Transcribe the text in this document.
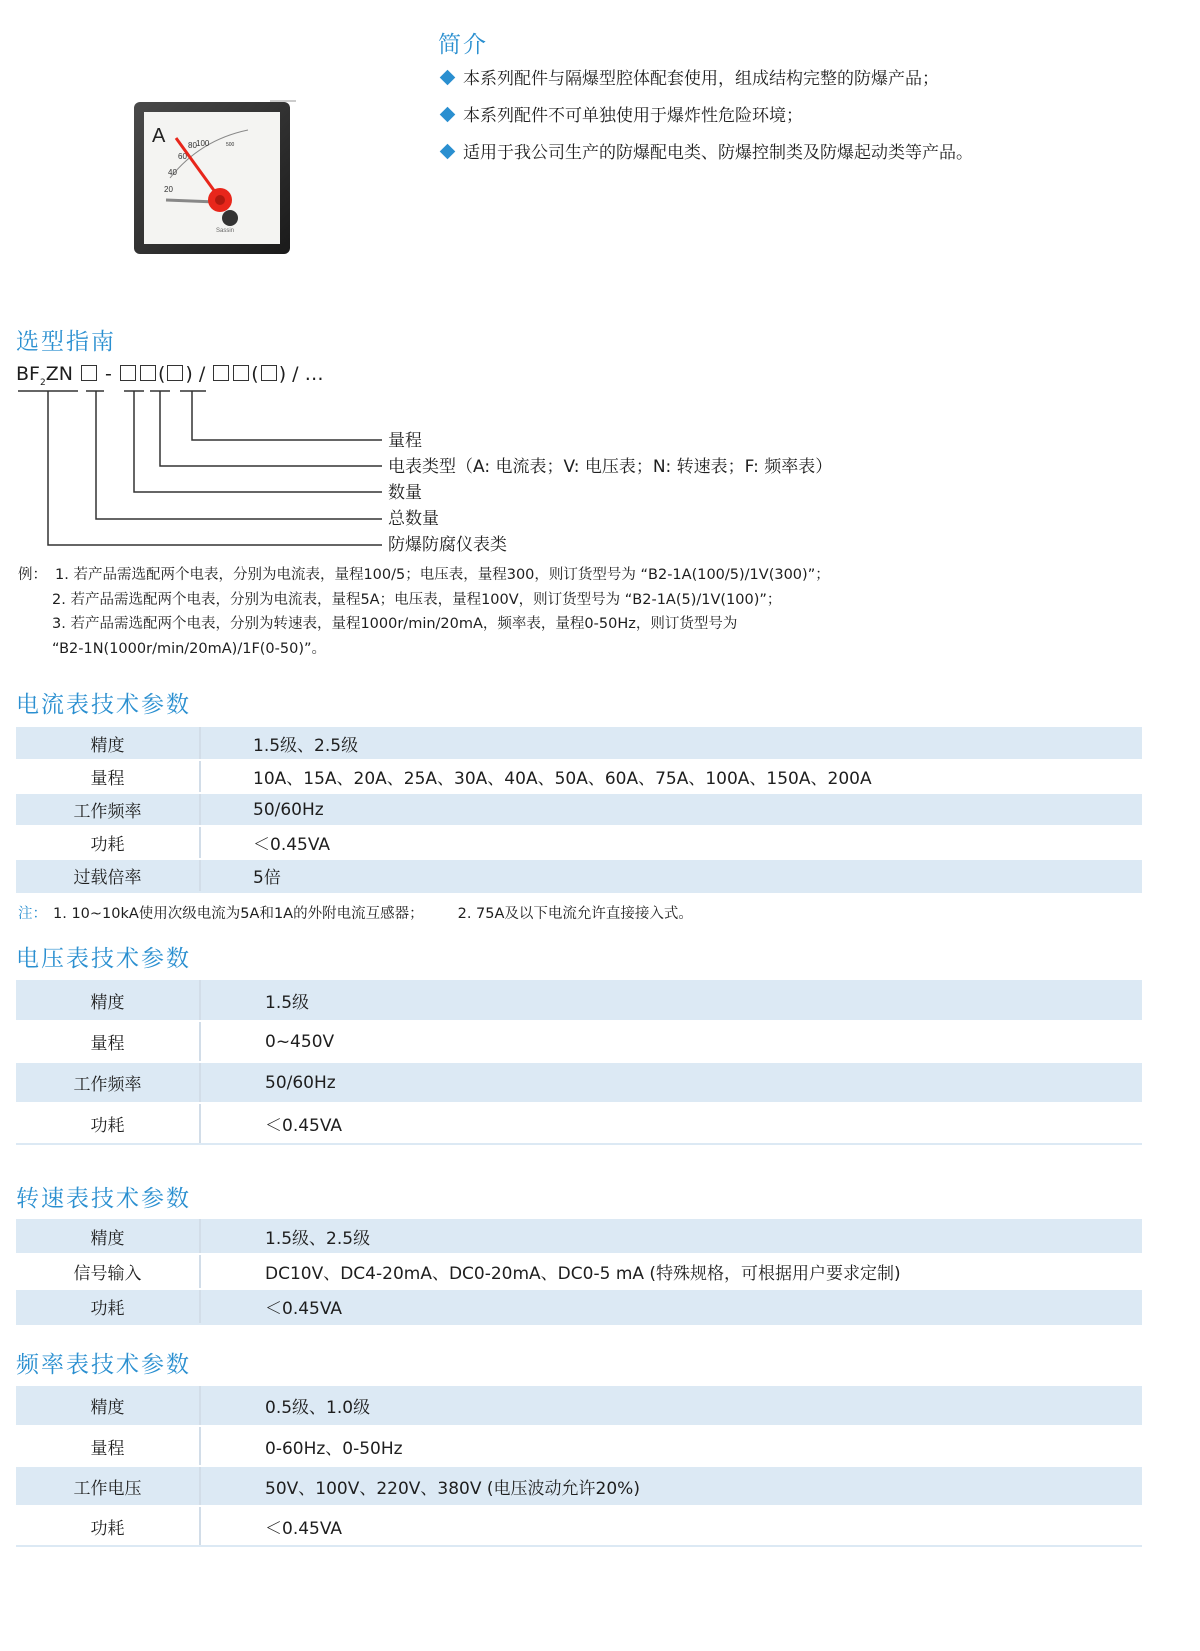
简介
本系列配件与隔爆型腔体配套使用，组成结构完整的防爆产品；
本系列配件不可单独使用于爆炸性危险环境；
适用于我公司生产的防爆配电类、防爆控制类及防爆起动类等产品。
A
20
40
60
80 100	500
Sassin
选型指南
$BF_2ZN$ - ( ) / ( ) / …
量程
电表类型（A: 电流表；V: 电压表；N: 转速表；F: 频率表）
数量
总数量
防爆防腐仪表类
例： 1. 若产品需选配两个电表，分别为电流表，量程100/5；电压表，量程300，则订货型号为 “B2-1A(100/5)/1V(300)”；
2. 若产品需选配两个电表，分别为电流表，量程5A；电压表，量程100V，则订货型号为 “B2-1A(5)/1V(100)”；
3. 若产品需选配两个电表，分别为转速表，量程1000r/min/20mA，频率表，量程0-50Hz，则订货型号为
“B2-1N(1000r/min/20mA)/1F(0-50)”。
电流表技术参数
精度	1.5级、2.5级
量程	10A、15A、20A、25A、30A、40A、50A、60A、75A、100A、150A、200A
工作频率	50/60Hz
功耗	＜0.45VA
过载倍率	5倍
注： 1. 10~10kA使用次级电流为5A和1A的外附电流互感器； 2. 75A及以下电流允许直接接入式。
电压表技术参数
精度	1.5级
量程	0~450V
工作频率	50/60Hz
功耗	＜0.45VA
转速表技术参数
精度	1.5级、2.5级
信号输入	DC10V、DC4-20mA、DC0-20mA、DC0-5 mA (特殊规格，可根据用户要求定制)
功耗	＜0.45VA
频率表技术参数
精度	0.5级、1.0级
量程	0-60Hz、0-50Hz
工作电压	50V、100V、220V、380V (电压波动允许20%)
功耗	＜0.45VA
